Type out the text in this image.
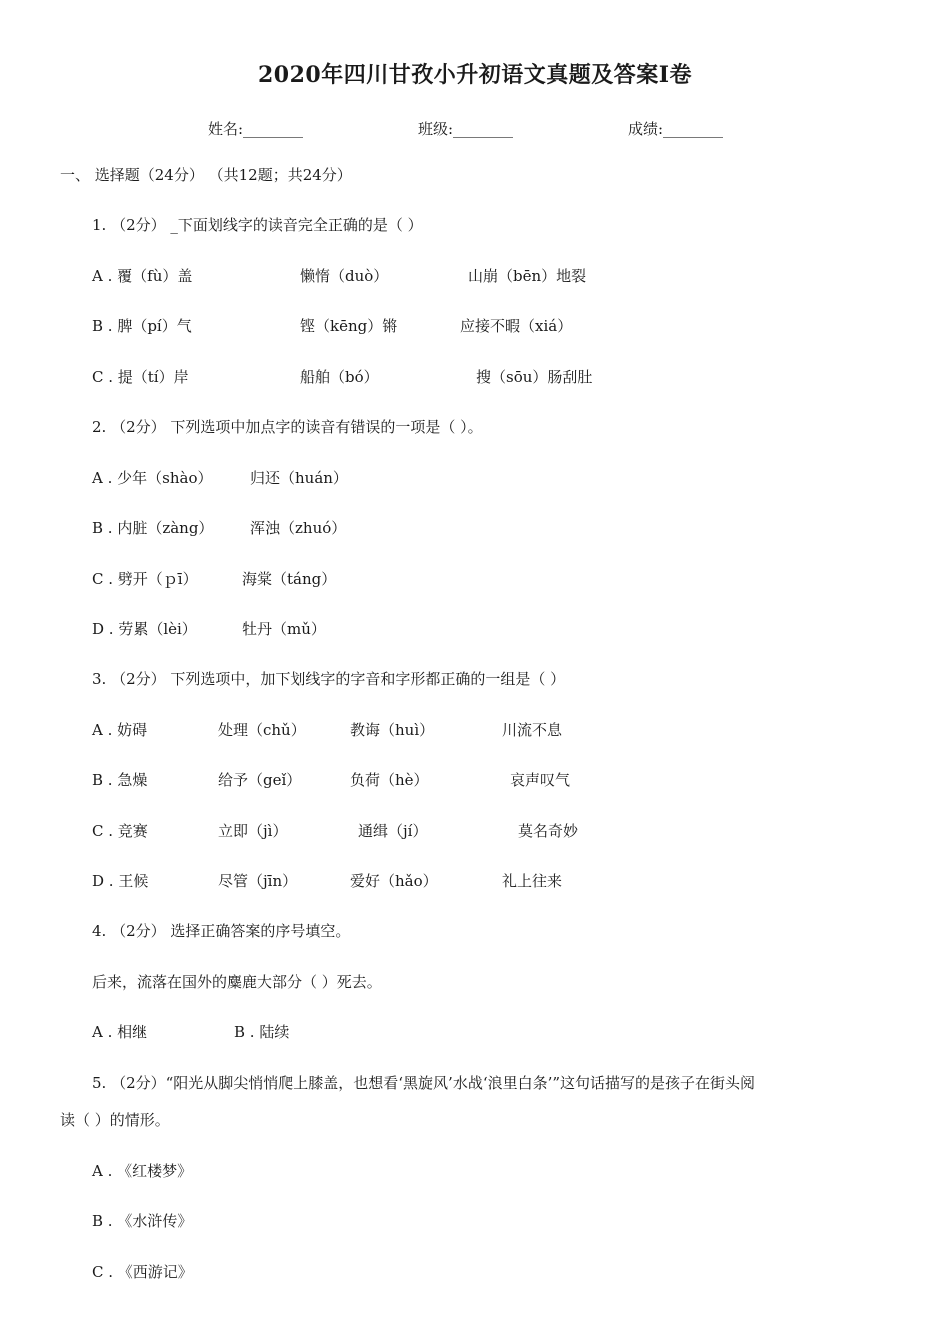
2020年四川甘孜小升初语文真题及答案I卷
姓名:________	班级:________	成绩:________
一、 选择题（24分） （共12题；共24分）
1. （2分） _下面划线字的读音完全正确的是（ ）
A . 覆（fù）盖	懒惰（duò）	山崩（bēn）地裂
B . 脾（pí）气	铿（kēng）锵	应接不暇（xiá）
C . 提（tí）岸	船舶（bó）	搜（sōu）肠刮肚
2. （2分） 下列选项中加点字的读音有错误的一项是（ ）。
A . 少年（shào）	归还（huán）
B . 内脏（zàng） 浑浊（zhuó）
C . 劈开（ｐī）	海棠（táng）
D . 劳累（lèi）	牡丹（mǔ）
3. （2分） 下列选项中，加下划线字的字音和字形都正确的一组是（ ）
A . 妨碍	处理（chǔ）	教诲（huì）	川流不息
B . 急燥	给予（geǐ）	负荷（hè）	哀声叹气
C . 竞赛	立即（jì）	通缉（jí）	莫名奇妙
D . 王候	尽管（jīn）	爱好（hǎo）	礼上往来
4. （2分） 选择正确答案的序号填空。
后来，流落在国外的麋鹿大部分（ ）死去。
A . 相继	B . 陆续
5. （2分）“阳光从脚尖悄悄爬上膝盖，也想看‘黑旋风’水战‘浪里白条’”这句话描写的是孩子在街头阅
读（ ）的情形。
A . 《红楼梦》
B . 《水浒传》
C . 《西游记》
